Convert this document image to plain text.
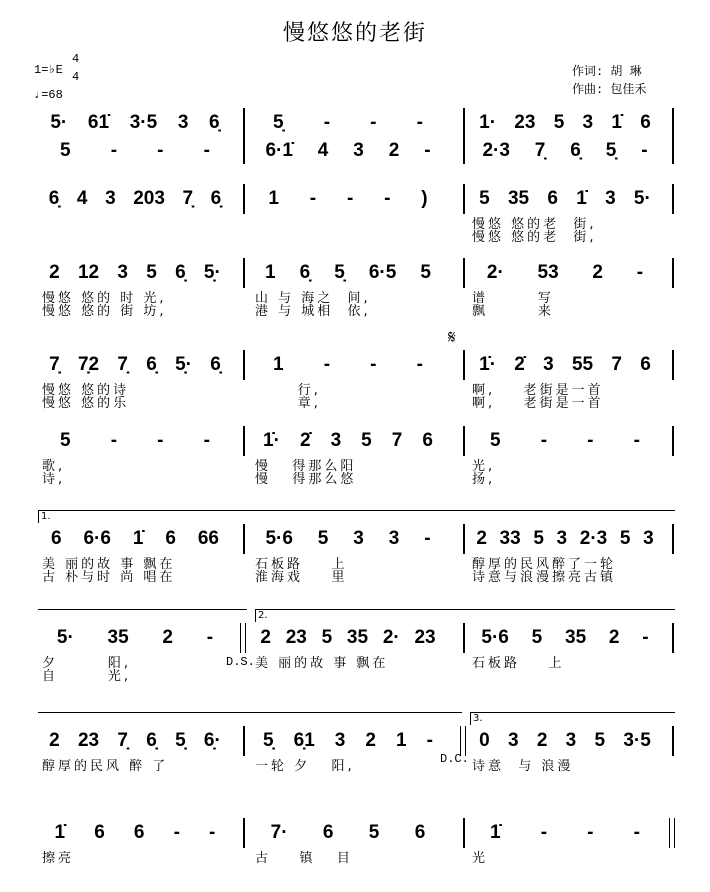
慢悠悠的老街
1=♭E
4
4
♩=68
作词: 胡 琳
作曲: 包佳禾
5· 61̇ 3·5 3 6̣
5 - - -
5̣ - - -
6·1̇ 4 3 2 -
1· 23 5 3 1̇ 6
2·3 7̣ 6̣ 5̣ -
6̣ 4 3 203 7̣ 6̣ 1 - - - )	5 35 6 1̇ 3 5·
慢悠 悠的老  街,
慢悠 悠的老  街,
2 12 3 5 6̣ 5̣·
慢悠 悠的 时 光,
慢悠 悠的 街 坊,
1 6̣ 5̣ 6·5 5
山 与 海之  间,
港 与 城相  依,
2· 53 2 -
谱       写
飘       来
7̣ 7̣2 7̣ 6̣ 5̣· 6̣
慢悠 悠的诗
慢悠 悠的乐
1 - - -
行,
章,
1̇· 2̇ 3 55 7 6
啊,    老街是一首
啊,    老街是一首
𝄋
5 - - -
歌,
诗,
1̇· 2̇ 3 5 7 6
慢   得那么阳
慢   得那么悠
5 - - -
光,
扬,
6 6·6 1̇ 6 66
美 丽的故 事 飘在
古 朴与时 尚 唱在
5·6 5 3 3 -
石板路    上
淮海戏    里
2 33 5 3 2·3 5 3
醇厚的民风醉了一轮
诗意与浪漫擦亮古镇
1.
5· 35 2 -
夕       阳,
自       光,
2 23 5 35 2· 23
美 丽的故 事 飘在
5·6 5 35 2 -
石板路    上
2.
D.S.
2 23 7̣ 6̣ 5̣ 6̣·
醇厚的民风 醉 了
5̣ 6̣1 3 2 1 -
一轮 夕   阳,
0 3 2 3 5 3·5
诗意  与 浪漫
3.
D.C.
1̇ 6 6 - -
擦亮
7· 6 5 6
古    镇   目
1̇ - - -
光
